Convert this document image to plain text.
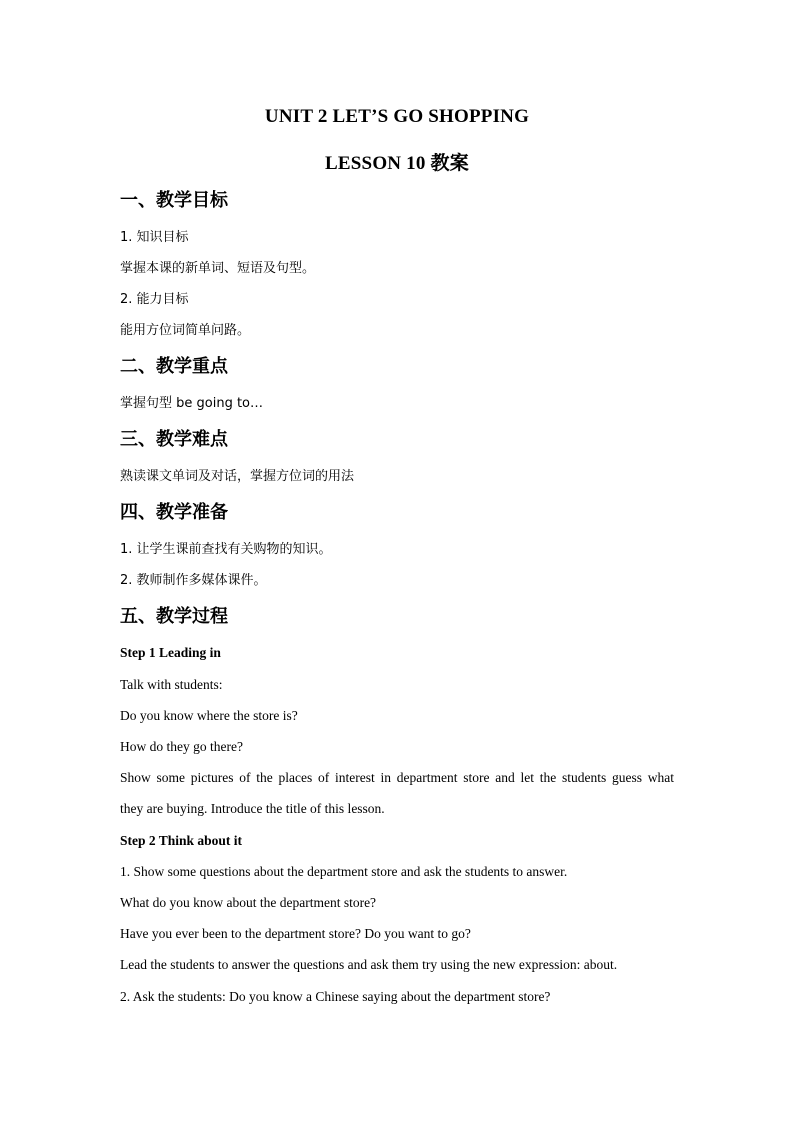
UNIT 2 LET’S GO SHOPPING
LESSON 10 教案
一、教学目标
1. 知识目标
掌握本课的新单词、短语及句型。
2. 能力目标
能用方位词简单问路。
二、教学重点
掌握句型 be going to…
三、教学难点
熟读课文单词及对话，掌握方位词的用法
四、教学准备
1. 让学生课前查找有关购物的知识。
2. 教师制作多媒体课件。
五、教学过程
Step 1 Leading in
Talk with students:
Do you know where the store is?
How do they go there?
Show some pictures of the places of interest in department store and let the students guess what
they are buying. Introduce the title of this lesson.
Step 2 Think about it
1. Show some questions about the department store and ask the students to answer.
What do you know about the department store?
Have you ever been to the department store? Do you want to go?
Lead the students to answer the questions and ask them try using the new expression: about.
2. Ask the students: Do you know a Chinese saying about the department store?
